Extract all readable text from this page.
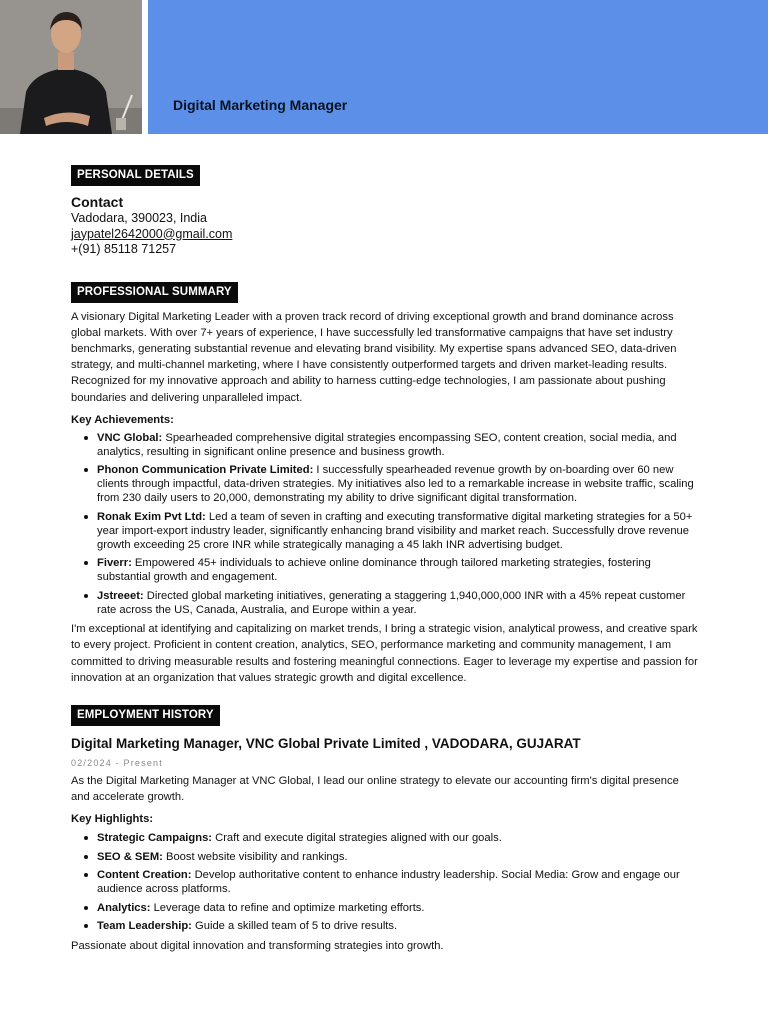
Digital Marketing Manager
PERSONAL DETAILS
Contact
Vadodara, 390023, India
jaypatel2642000@gmail.com
+(91) 85118 71257
PROFESSIONAL SUMMARY

A visionary Digital Marketing Leader with a proven track record of driving exceptional growth and brand dominance across global markets. With over 7+ years of experience, I have successfully led transformative campaigns that have set industry benchmarks, generating substantial revenue and elevating brand visibility. My expertise spans advanced SEO, data-driven strategy, and multi-channel marketing, where I have consistently outperformed targets and driven market-leading results. Recognized for my innovative approach and ability to harness cutting-edge technologies, I am passionate about pushing boundaries and delivering unparalleled impact.

Key Achievements:
VNC Global: Spearheaded comprehensive digital strategies encompassing SEO, content creation, social media, and analytics, resulting in significant online presence and business growth.
Phonon Communication Private Limited: I successfully spearheaded revenue growth by on-boarding over 60 new clients through impactful, data-driven strategies. My initiatives also led to a remarkable increase in website traffic, scaling from 230 daily users to 20,000, demonstrating my ability to drive significant digital transformation.
Ronak Exim Pvt Ltd: Led a team of seven in crafting and executing transformative digital marketing strategies for a 50+ year import-export industry leader, significantly enhancing brand visibility and market reach. Successfully drove revenue growth exceeding 25 crore INR while strategically managing a 45 lakh INR advertising budget.
Fiverr: Empowered 45+ individuals to achieve online dominance through tailored marketing strategies, fostering substantial growth and engagement.
Jstreeet: Directed global marketing initiatives, generating a staggering 1,940,000,000 INR with a 45% repeat customer rate across the US, Canada, Australia, and Europe within a year.

I'm exceptional at identifying and capitalizing on market trends, I bring a strategic vision, analytical prowess, and creative spark to every project. Proficient in content creation, analytics, SEO, performance marketing and community management, I am committed to driving measurable results and fostering meaningful connections. Eager to leverage my expertise and passion for innovation at an organization that values strategic growth and digital excellence.

EMPLOYMENT HISTORY
Digital Marketing Manager, VNC Global Private Limited , VADODARA, GUJARAT
02/2024 - Present

As the Digital Marketing Manager at VNC Global, I lead our online strategy to elevate our accounting firm's digital presence and accelerate growth.

Key Highlights:
Strategic Campaigns: Craft and execute digital strategies aligned with our goals.
SEO & SEM: Boost website visibility and rankings.
Content Creation: Develop authoritative content to enhance industry leadership. Social Media: Grow and engage our audience across platforms.
Analytics: Leverage data to refine and optimize marketing efforts.
Team Leadership: Guide a skilled team of 5 to drive results.

Passionate about digital innovation and transforming strategies into growth.
